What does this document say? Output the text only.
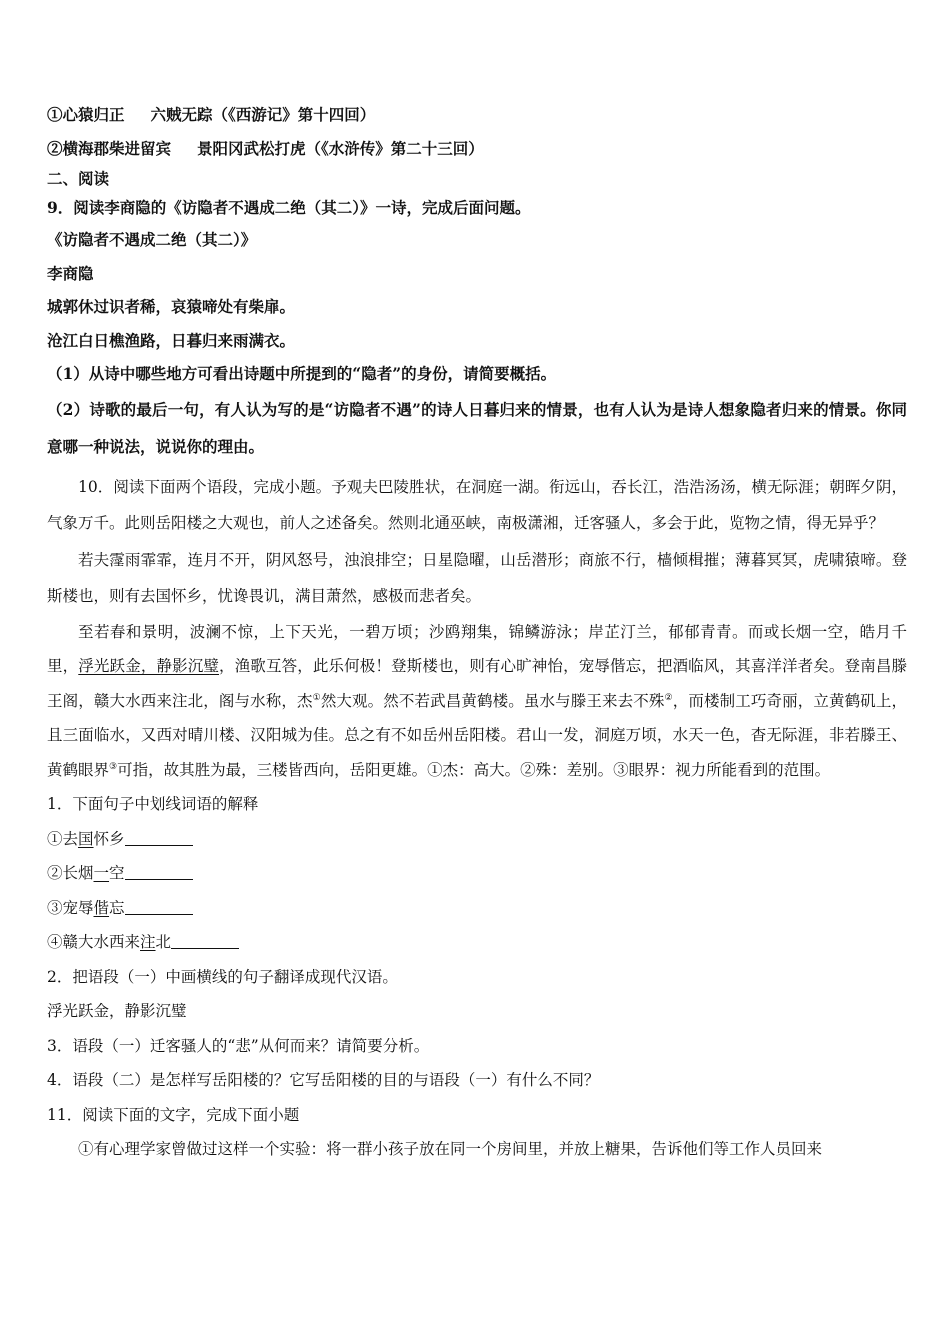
①心猿归正 六贼无踪（《西游记》第十四回）
②横海郡柴进留宾 景阳冈武松打虎（《水浒传》第二十三回）
二、阅读
9．阅读李商隐的《访隐者不遇成二绝（其二）》一诗，完成后面问题。
《访隐者不遇成二绝（其二）》
李商隐
城郭休过识者稀，哀猿啼处有柴扉。
沧江白日樵渔路，日暮归来雨满衣。
（1）从诗中哪些地方可看出诗题中所提到的“隐者”的身份，请简要概括。
（2）诗歌的最后一句，有人认为写的是“访隐者不遇”的诗人日暮归来的情景，也有人认为是诗人想象隐者归来的情景。你同意哪一种说法，说说你的理由。
10．阅读下面两个语段，完成小题。予观夫巴陵胜状，在洞庭一湖。衔远山，吞长江，浩浩汤汤，横无际涯；朝晖夕阴，气象万千。此则岳阳楼之大观也，前人之述备矣。然则北通巫峡，南极潇湘，迁客骚人，多会于此，览物之情，得无异乎？
若夫霪雨霏霏，连月不开，阴风怒号，浊浪排空；日星隐曜，山岳潜形；商旅不行，樯倾楫摧；薄暮冥冥，虎啸猿啼。登斯楼也，则有去国怀乡，忧谗畏讥，满目萧然，感极而悲者矣。
至若春和景明，波澜不惊，上下天光，一碧万顷；沙鸥翔集，锦鳞游泳；岸芷汀兰，郁郁青青。而或长烟一空，皓月千里，浮光跃金，静影沉璧，渔歌互答，此乐何极！登斯楼也，则有心旷神怡，宠辱偕忘，把酒临风，其喜洋洋者矣。登南昌滕王阁，赣大水西来注北，阁与水称，杰①然大观。然不若武昌黄鹤楼。虽水与滕王来去不殊②，而楼制工巧奇丽，立黄鹤矶上，且三面临水，又西对晴川楼、汉阳城为佳。总之有不如岳州岳阳楼。君山一发，洞庭万顷，水天一色，杳无际涯，非若滕王、黄鹤眼界③可指，故其胜为最，三楼皆西向，岳阳更雄。①杰：高大。②殊：差别。③眼界：视力所能看到的范围。
1．下面句子中划线词语的解释
①去国怀乡
②长烟一空
③宠辱偕忘
④赣大水西来注北
2．把语段（一）中画横线的句子翻译成现代汉语。
浮光跃金，静影沉璧
3．语段（一）迁客骚人的“悲”从何而来？请简要分析。
4．语段（二）是怎样写岳阳楼的？它写岳阳楼的目的与语段（一）有什么不同？
11．阅读下面的文字，完成下面小题
①有心理学家曾做过这样一个实验：将一群小孩子放在同一个房间里，并放上糖果，告诉他们等工作人员回来
